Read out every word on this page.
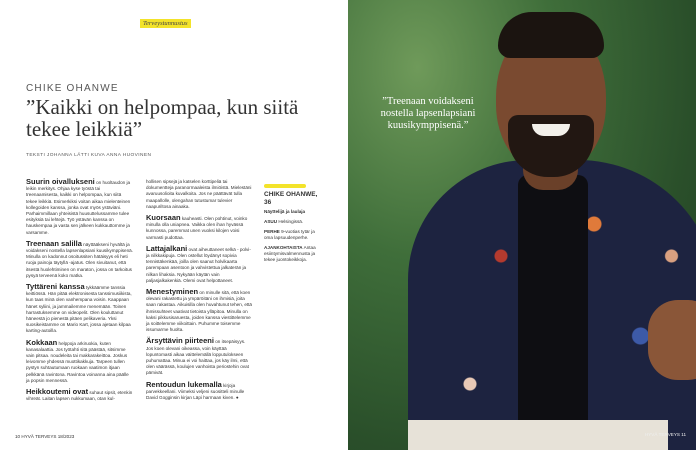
Terveystunnustus
CHIKE OHANWE
”Kaikki on helpompaa, kun siitä tekee leikkiä”
TEKSTI JOHANNA LÄTTI KUVA ANNA HUOVINEN

Suurin oivallukseni on huoltaudon ja leikin merkitys. Ohjaa kyse työstä tai treenaamisesta, kaikki on helpompaa, kun siitä tekee leikkiä. Esimerkiksi voitan aikaa mielenteinen kollegoiden kanssa, jonka ovat myös ystäviäni. Parhaimmillaan yhteisistä huusuttelussamme tulee esityksiä tai lehtejä. Työ ystävän kanssa on hauskempaa ja vasta sen jälkeen kukkauttomme ja varsamme.

Treenaan salilla näyttääkseni hyvältä ja voidakseni nostella lapsenlapsiani kuusikymppisenä. Minulla on kadonnut osoitussiten hätäisyys eli heti ruoja painoja täytyllä -ajatus. Olen sivuitanut, että itsestä huolehtiminen on maraton, jossa on tarkoitus pysyä terveenä koko matka.

Tyttäreni kanssa tykkäämme tanssia keittiössä. Hän pitää elektronisesta tanssimusiikista, kun taas minä olen vanhempana voisin. Kaappaan hänet syliini, ja jammailemme menemään. Toinen harrastuksemme on videopelit. Olen kouluttanut häneestä jo pienestä pitäen pelikaveria. Yksi suosikeistamme on Mario Kart, jossa ajetaan kilpaa karting-autoilla.

Kokkaan helppoja arkiruokia, kuten kanasalaattia. Jos työtahti sitä päästää, sitsimme vain pitsaa. noudeleita tai makkarakeittoa. Joskus leivomme yhdessä muottikakkuja. Tarpeen tullen pystyn suhtautumaan ruokaan vaatimon itjaan pelkkänä ravintona. Ravintoa voinanna aina päälle ja popsin mennessä.

Heikkoutemi ovat suhaut sipsit, etenkin vihreät. Laitan lapsen nukkumaan, otan kul-

hollisen sipsejä ja katselen korttipeliä tai dokumentteja paranormaaleista ilmiöistä. Mielestäni avaruusolioita kuvalkoita. Jos ne päättävät tulla maapallolle, olengahan tutustumar tulevier naapuriltosa ainaaka.

Kuorsaan kauheasti. Olen pohtinut, voinko minulla olla uniapnea. Vaikka olen ihan hyvässä kunnossa, paremmat unen vuoksi kilojen voisi varmasti pudottaa.

Lattajalkani ovat aiheuttaneet selkä - polvi- ja nilkkakipuja. Olen ostellut löydänyt sopivia tennistäkenkää, joilla olen saanut holvikaarta parempaan asentoon ja vahvistettua jalkaterän ja nilkan lihaksia. Nykyään käytän vain paljasjalkakenkiä. Olemi ovat helpottaneet.

Menestyminen on minulle sitä, että koen olevani rakastettu ja ympäröitäni on ihmisiä, joita saan rakastaa. Aikuisilla olen huvahtunut tehen, että ihmissuhteet vaativat tietoista ylläpitoa. Minulla on kaksi pikkusisaruesta, joiden kanssa viestittelemme ja soittelemme viikoittain. Puhumme toisemme issumarme huolta.

Ärsyttävin piirteeni on itsepäisyys. Jos koen olevani oikeassa, voin käyttää lopuntomasti aikaa väittelemällä lopputulokseen puhumattaa. Minua ei voi haittaa, jos käy ilmi, että olen väärässä, koulujen vanhoista periostehin ovat pämivät.

Rentoudun lukemalla kirjoja parvekkeellani. Viimeksi veljeni suositteli minulle David Gogginsin kirjan Läpi harmaan kiven. ●

CHIKE OHANWE, 36

Näyttelijä ja laulaja

ASUU Helsingissä.

PERHE 9-vuotias tytär ja oma lapsuudenperhe.

AJANKOHTAISTA Antaa esiintymisvalmennusta ja tekee juontokeikkoja.

10 HYVÄ TERVEYS 18/2023
”Treenaan voidakseni nostella lapsenlapsiani kuusikymppisenä.”
HYVÄ TERVEYS 11
